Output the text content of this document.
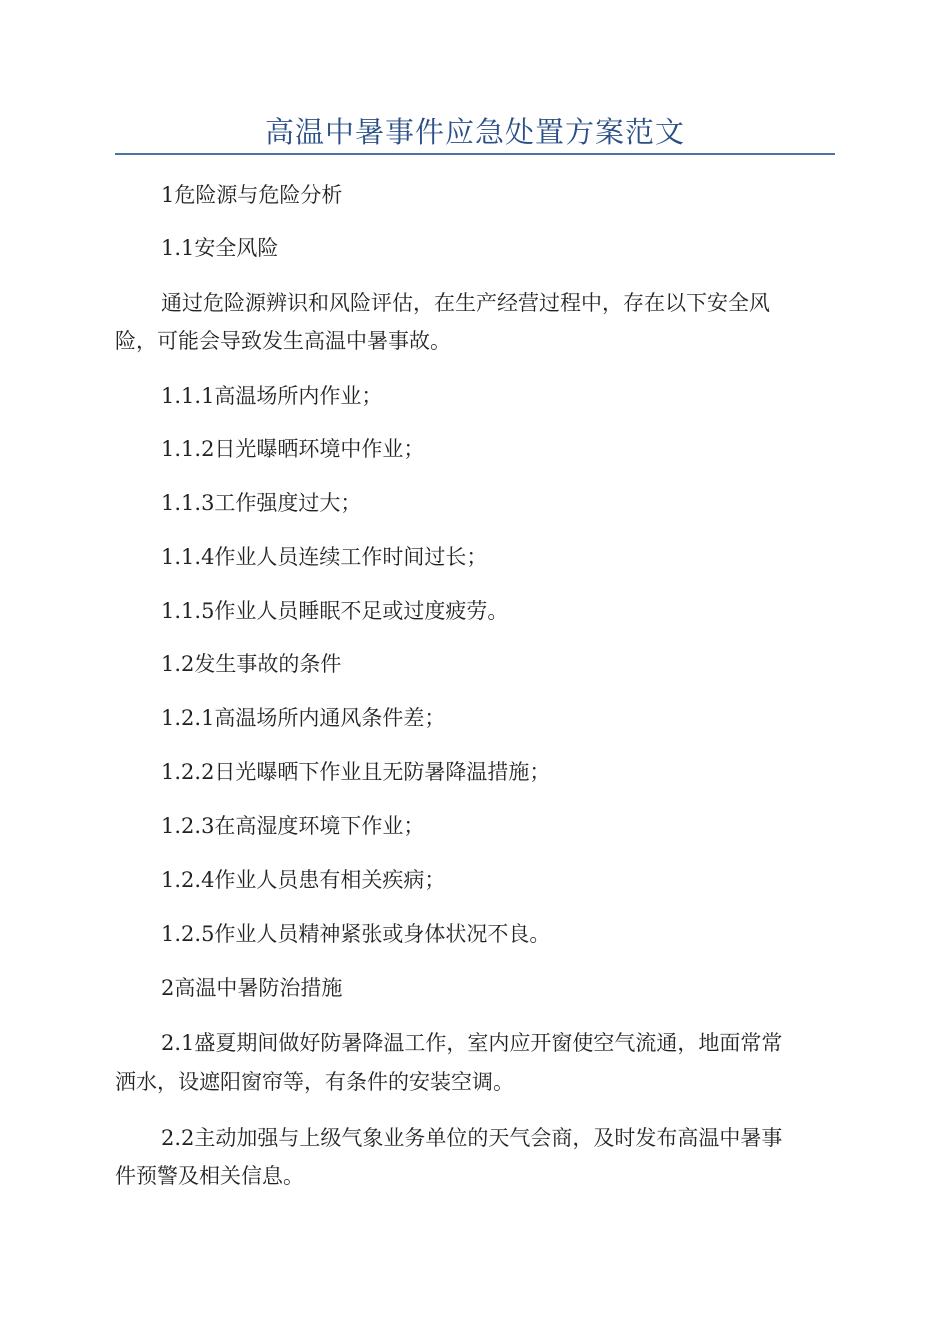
高温中暑事件应急处置方案范文
1危险源与危险分析
1.1安全风险
通过危险源辨识和风险评估，在生产经营过程中，存在以下安全风
险，可能会导致发生高温中暑事故。
1.1.1高温场所内作业；
1.1.2日光曝晒环境中作业；
1.1.3工作强度过大；
1.1.4作业人员连续工作时间过长；
1.1.5作业人员睡眠不足或过度疲劳。
1.2发生事故的条件
1.2.1高温场所内通风条件差；
1.2.2日光曝晒下作业且无防暑降温措施；
1.2.3在高湿度环境下作业；
1.2.4作业人员患有相关疾病；
1.2.5作业人员精神紧张或身体状况不良。
2高温中暑防治措施
2.1盛夏期间做好防暑降温工作，室内应开窗使空气流通，地面常常
洒水，设遮阳窗帘等，有条件的安装空调。
2.2主动加强与上级气象业务单位的天气会商，及时发布高温中暑事
件预警及相关信息。
